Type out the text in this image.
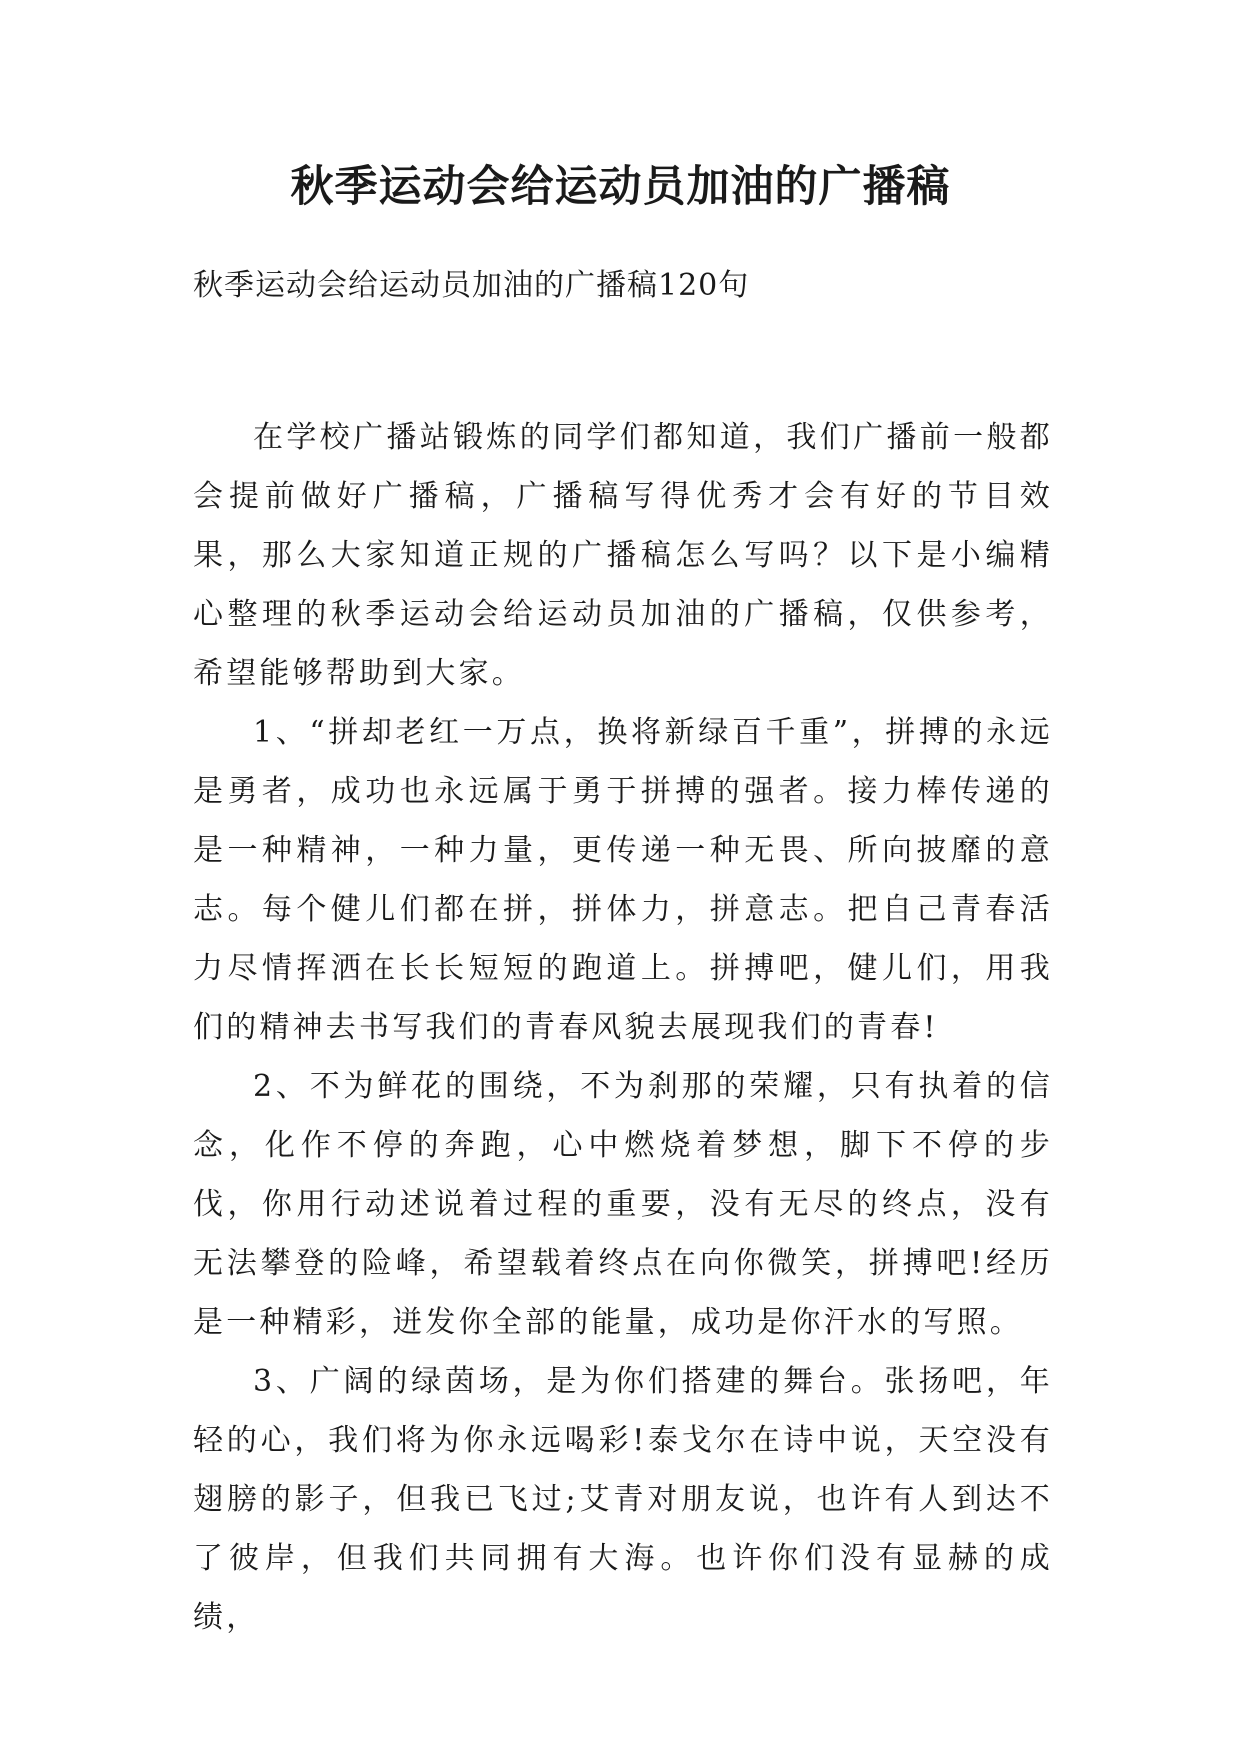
秋季运动会给运动员加油的广播稿

秋季运动会给运动员加油的广播稿120句

在学校广播站锻炼的同学们都知道，我们广播前一般都会提前做好广播稿，广播稿写得优秀才会有好的节目效果，那么大家知道正规的广播稿怎么写吗？以下是小编精心整理的秋季运动会给运动员加油的广播稿，仅供参考，希望能够帮助到大家。

1、“拼却老红一万点，换将新绿百千重”，拼搏的永远是勇者，成功也永远属于勇于拼搏的强者。接力棒传递的是一种精神，一种力量，更传递一种无畏、所向披靡的意志。每个健儿们都在拼，拼体力，拼意志。把自己青春活力尽情挥洒在长长短短的跑道上。拼搏吧，健儿们，用我们的精神去书写我们的青春风貌去展现我们的青春!

2、不为鲜花的围绕，不为刹那的荣耀，只有执着的信念，化作不停的奔跑，心中燃烧着梦想，脚下不停的步伐，你用行动述说着过程的重要，没有无尽的终点，没有无法攀登的险峰，希望载着终点在向你微笑，拼搏吧!经历是一种精彩，迸发你全部的能量，成功是你汗水的写照。

3、广阔的绿茵场，是为你们搭建的舞台。张扬吧，年轻的心，我们将为你永远喝彩!泰戈尔在诗中说，天空没有翅膀的影子，但我已飞过;艾青对朋友说，也许有人到达不了彼岸，但我们共同拥有大海。也许你们没有显赫的成绩，
